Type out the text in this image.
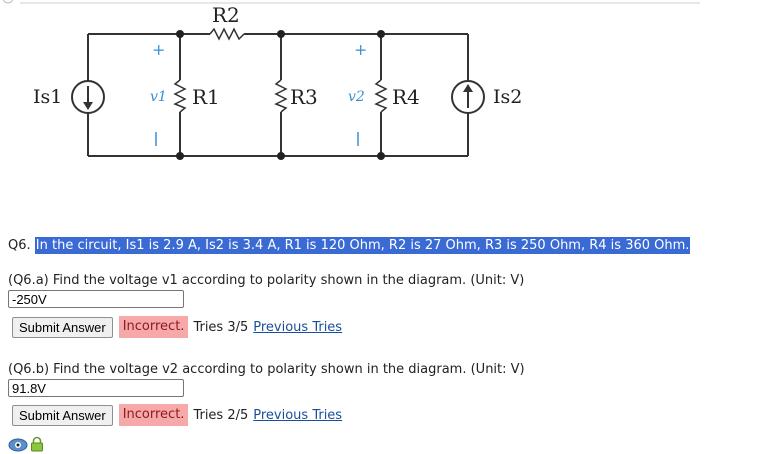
R2
R1	R3	R4
Is1	Is2
v1	v2
+	+
Q6. In the circuit, Is1 is 2.9 A, Is2 is 3.4 A, R1 is 120 Ohm, R2 is 27 Ohm, R3 is 250 Ohm, R4 is 360 Ohm.
(Q6.a) Find the voltage v1 according to polarity shown in the diagram. (Unit: V)
-250V
Submit Answer	Incorrect. Tries 3/5 Previous Tries
(Q6.b) Find the voltage v2 according to polarity shown in the diagram. (Unit: V)
91.8V
Submit Answer	Incorrect. Tries 2/5 Previous Tries
